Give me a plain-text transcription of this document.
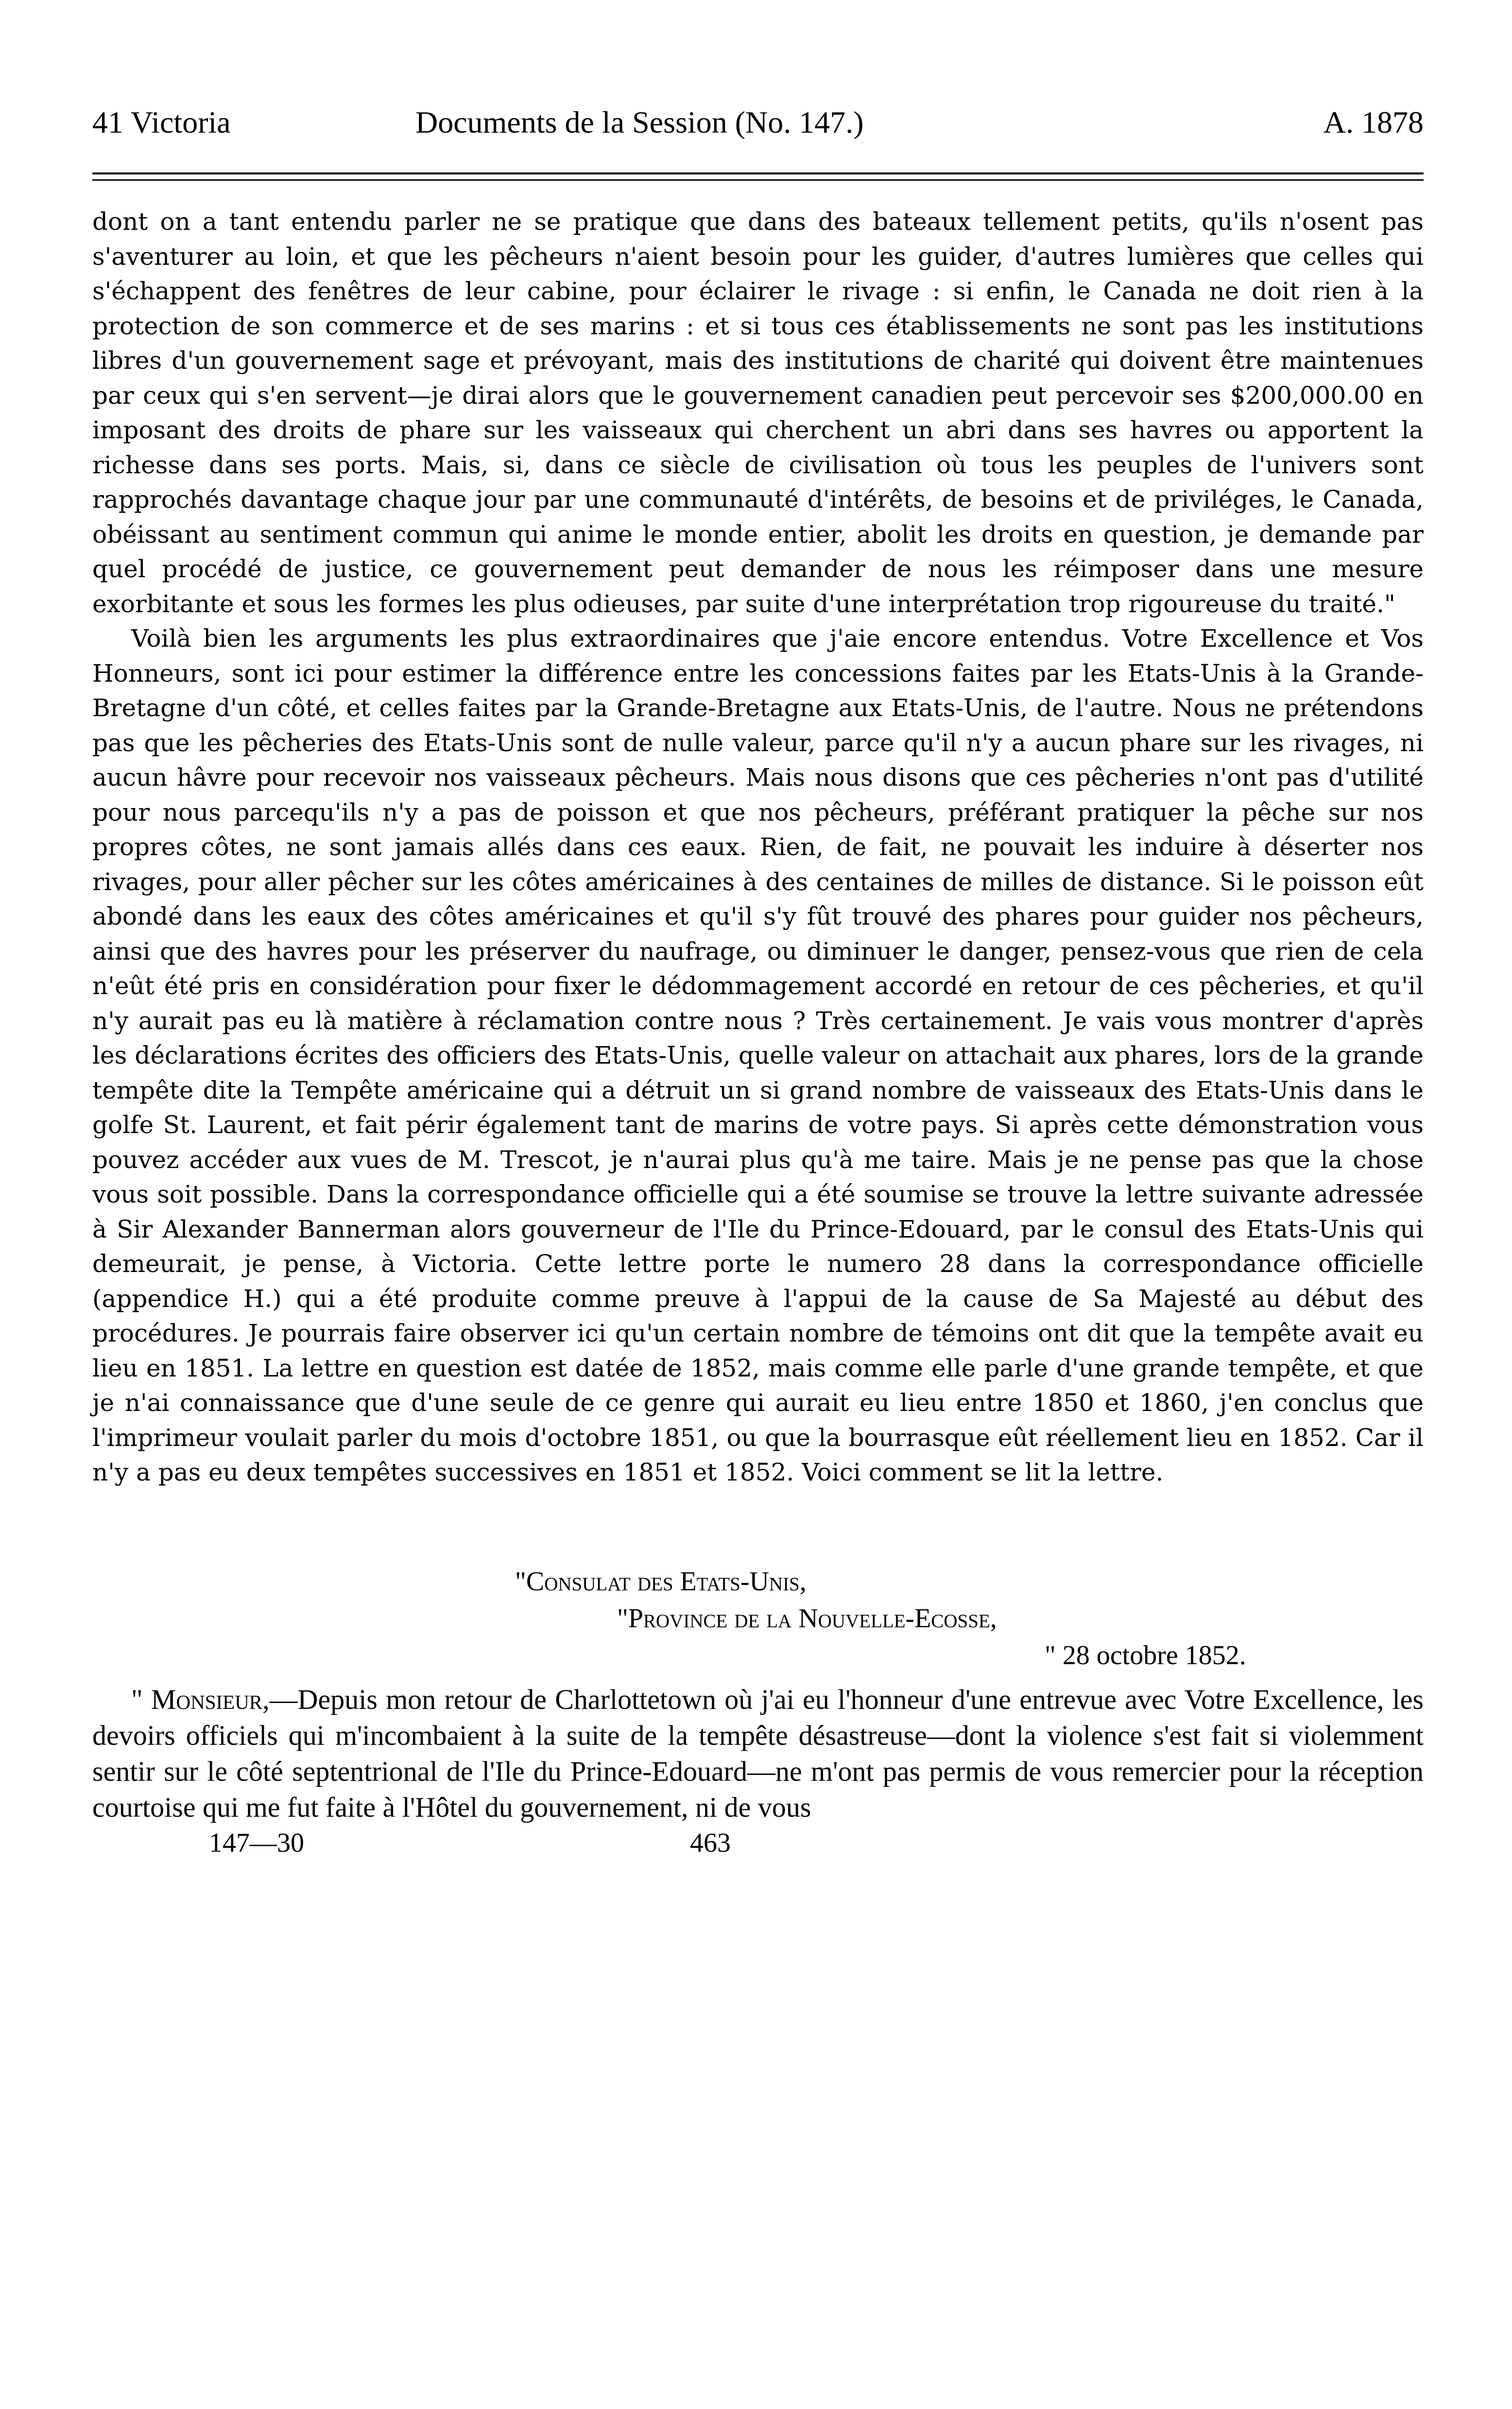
41 Victoria	Documents de la Session (No. 147.)	A. 1878

dont on a tant entendu parler ne se pratique que dans des bateaux tellement petits, qu'ils n'osent pas s'aventurer au loin, et que les pêcheurs n'aient besoin pour les guider, d'autres lumières que celles qui s'échappent des fenêtres de leur cabine, pour éclairer le rivage : si enfin, le Canada ne doit rien à la protection de son commerce et de ses marins : et si tous ces établissements ne sont pas les institutions libres d'un gouvernement sage et prévoyant, mais des institutions de charité qui doivent être maintenues par ceux qui s'en servent—je dirai alors que le gouvernement canadien peut percevoir ses $200,000.00 en imposant des droits de phare sur les vaisseaux qui cherchent un abri dans ses havres ou apportent la richesse dans ses ports. Mais, si, dans ce siècle de civilisation où tous les peuples de l'univers sont rapprochés davantage chaque jour par une communauté d'intérêts, de besoins et de priviléges, le Canada, obéissant au sentiment commun qui anime le monde entier, abolit les droits en question, je demande par quel procédé de justice, ce gouvernement peut demander de nous les réimposer dans une mesure exorbitante et sous les formes les plus odieuses, par suite d'une interprétation trop rigoureuse du traité."

Voilà bien les arguments les plus extraordinaires que j'aie encore entendus. Votre Excellence et Vos Honneurs, sont ici pour estimer la différence entre les concessions faites par les Etats-Unis à la Grande-Bretagne d'un côté, et celles faites par la Grande-Bretagne aux Etats-Unis, de l'autre. Nous ne prétendons pas que les pêcheries des Etats-Unis sont de nulle valeur, parce qu'il n'y a aucun phare sur les rivages, ni aucun hâvre pour recevoir nos vaisseaux pêcheurs. Mais nous disons que ces pêcheries n'ont pas d'utilité pour nous parcequ'ils n'y a pas de poisson et que nos pêcheurs, préférant pratiquer la pêche sur nos propres côtes, ne sont jamais allés dans ces eaux. Rien, de fait, ne pouvait les induire à déserter nos rivages, pour aller pêcher sur les côtes américaines à des centaines de milles de distance. Si le poisson eût abondé dans les eaux des côtes américaines et qu'il s'y fût trouvé des phares pour guider nos pêcheurs, ainsi que des havres pour les préserver du naufrage, ou diminuer le danger, pensez-vous que rien de cela n'eût été pris en considération pour fixer le dédommagement accordé en retour de ces pêcheries, et qu'il n'y aurait pas eu là matière à réclamation contre nous ? Très certainement. Je vais vous montrer d'après les déclarations écrites des officiers des Etats-Unis, quelle valeur on attachait aux phares, lors de la grande tempête dite la Tempête américaine qui a détruit un si grand nombre de vaisseaux des Etats-Unis dans le golfe St. Laurent, et fait périr également tant de marins de votre pays. Si après cette démonstration vous pouvez accéder aux vues de M. Trescot, je n'aurai plus qu'à me taire. Mais je ne pense pas que la chose vous soit possible. Dans la correspondance officielle qui a été soumise se trouve la lettre suivante adressée à Sir Alexander Bannerman alors gouverneur de l'Ile du Prince-Edouard, par le consul des Etats-Unis qui demeurait, je pense, à Victoria. Cette lettre porte le numero 28 dans la correspondance officielle (appendice H.) qui a été produite comme preuve à l'appui de la cause de Sa Majesté au début des procédures. Je pourrais faire observer ici qu'un certain nombre de témoins ont dit que la tempête avait eu lieu en 1851. La lettre en question est datée de 1852, mais comme elle parle d'une grande tempête, et que je n'ai connaissance que d'une seule de ce genre qui aurait eu lieu entre 1850 et 1860, j'en conclus que l'imprimeur voulait parler du mois d'octobre 1851, ou que la bourrasque eût réellement lieu en 1852. Car il n'y a pas eu deux tempêtes successives en 1851 et 1852. Voici comment se lit la lettre.

"Consulat des Etats-Unis,
"Province de la Nouvelle-Ecosse,
" 28 octobre 1852.

" Monsieur,—Depuis mon retour de Charlottetown où j'ai eu l'honneur d'une entrevue avec Votre Excellence, les devoirs officiels qui m'incombaient à la suite de la tempête désastreuse—dont la violence s'est fait si violemment sentir sur le côté septentrional de l'Ile du Prince-Edouard—ne m'ont pas permis de vous remercier pour la réception courtoise qui me fut faite à l'Hôtel du gouvernement, ni de vous

147—30	463
